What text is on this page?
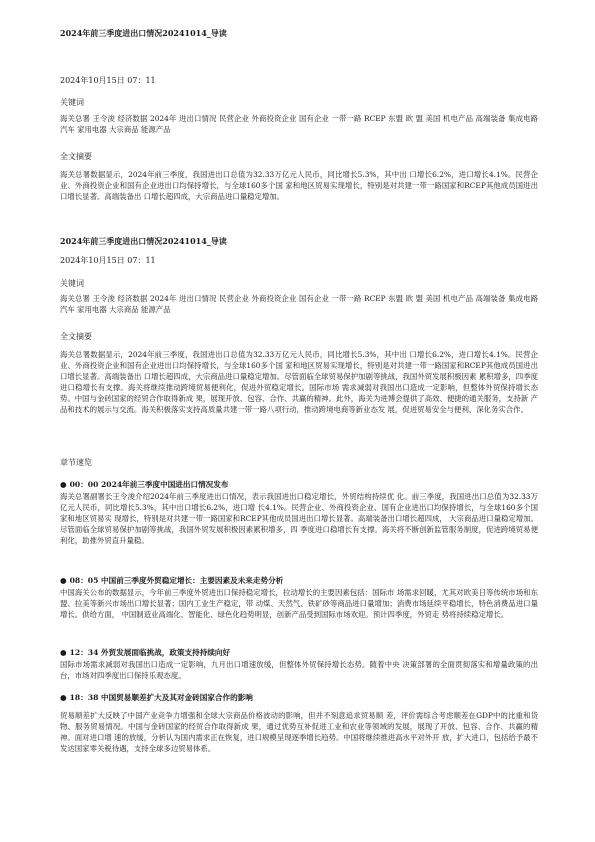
2024年前三季度进出口情况20241014_导读
2024年10月15日 07：11
关键词
海关总署 王令浚 经济数据 2024年 进出口情况 民营企业 外商投资企业 国有企业 一带一路 RCEP 东盟 欧 盟 美国 机电产品 高端装备 集成电路 汽车 家用电器 大宗商品 能源产品
全文摘要
海关总署数据显示，2024年前三季度，我国进出口总值为32.33万亿元人民币，同比增长5.3%，其中出 口增长6.2%，进口增长4.1%。民营企业、外商投资企业和国有企业进出口均保持增长，与全球160多个国 家和地区贸易实现增长，特别是对共建一带一路国家和RCEP其他成员国进出口增长显著。高端装备出 口增长超四成，大宗商品进口量稳定增加。
2024年前三季度进出口情况20241014_导读
2024年10月15日 07：11
关键词
海关总署 王令浚 经济数据 2024年 进出口情况 民营企业 外商投资企业 国有企业 一带一路 RCEP 东盟 欧 盟 美国 机电产品 高端装备 集成电路 汽车 家用电器 大宗商品 能源产品
全文摘要
海关总署数据显示，2024年前三季度，我国进出口总值为32.33万亿元人民币，同比增长5.3%，其中出 口增长6.2%，进口增长4.1%。民营企业、外商投资企业和国有企业进出口均保持增长，与全球160多个国 家和地区贸易实现增长，特别是对共建一带一路国家和RCEP其他成员国进出口增长显著。高端装备出 口增长超四成，大宗商品进口量稳定增加。尽管面临全球贸易保护加剧等挑战，我国外贸发展积极因素 累积增多，四季度进口稳增长有支撑。海关将继续推动跨境贸易便利化，促进外贸稳定增长。国际市场 需求减弱对我国出口造成一定影响，但整体外贸保持增长态势。中国与金砖国家的经贸合作取得新成 果，展现开放、包容、合作、共赢的精神。此外，海关为进博会提供了高效、便捷的通关服务，支持新 产品和技术的展示与交流。海关积极落实支持高质量共建一带一路八项行动，推动跨境电商等新业态发 展，促进贸易安全与便利，深化务实合作。
章节速览
● 00：00 2024年前三季度中国进出口情况发布
海关总署副署长王令浚介绍2024年前三季度进出口情况，表示我国进出口稳定增长，外贸结构持续优 化。前三季度，我国进出口总值为32.33万亿元人民币，同比增长5.3%，其中出口增长6.2%，进口增 长4.1%。民营企业、外商投资企业、国有企业进出口均保持增长，与全球160多个国家和地区贸易实 现增长，特别是对共建一带一路国家和RCEP其他成员国进出口增长显著。高端装备出口增长超四成， 大宗商品进口量稳定增加。尽管面临全球贸易保护加剧等挑战，我国外贸发展积极因素累积增多，四 季度进口稳增长有支撑。海关将不断创新监管服务制度，促进跨境贸易便利化，助推外贸直升量稳。
● 08：05 中国前三季度外贸稳定增长：主要因素及未来走势分析
中国海关公布的数据显示，今年前三季度外贸进出口保持稳定增长，拉动增长的主要因素包括：国际市 场需求回暖，尤其对欧美日等传统市场和东盟、拉美等新兴市场出口增长显著；国内工业生产稳定，带 动煤、天然气、铁矿砂等商品进口量增加；消费市场延续平稳增长，特色消费品进口量增长。供给方面， 中国制造业高端化、智能化、绿色化趋势明显，创新产品受到国际市场欢迎。预计四季度，外贸走 势将持续稳定增长。
● 12：34 外贸发展面临挑战，政策支持持续向好
国际市场需求减弱对我国出口造成一定影响，九月出口增速放缓，但整体外贸保持增长态势。随着中央 决策部署的全面贯彻落实和增量政策的出台，市场对四季度出口保持乐观态度。
● 18：38 中国贸易顺差扩大及其对金砖国家合作的影响
贸易顺差扩大反映了中国产业竞争力增强和全球大宗商品价格波动的影响，但并不刻意追求贸易顺 差，评价需综合考虑顺差在GDP中的比重和货物、服务贸易情况。中国与金砖国家的经贸合作取得新成 果，通过优势互补促进工业和农业等领域的发展，展现了开放、包容、合作、共赢的精神。面对进口增 速的放缓，分析认为国内需求正在恢复，进口规模呈现逐季增长趋势。中国将继续推进高水平对外开 放，扩大进口，包括给予最不发达国家零关税待遇，支持全球多边贸易体系。
